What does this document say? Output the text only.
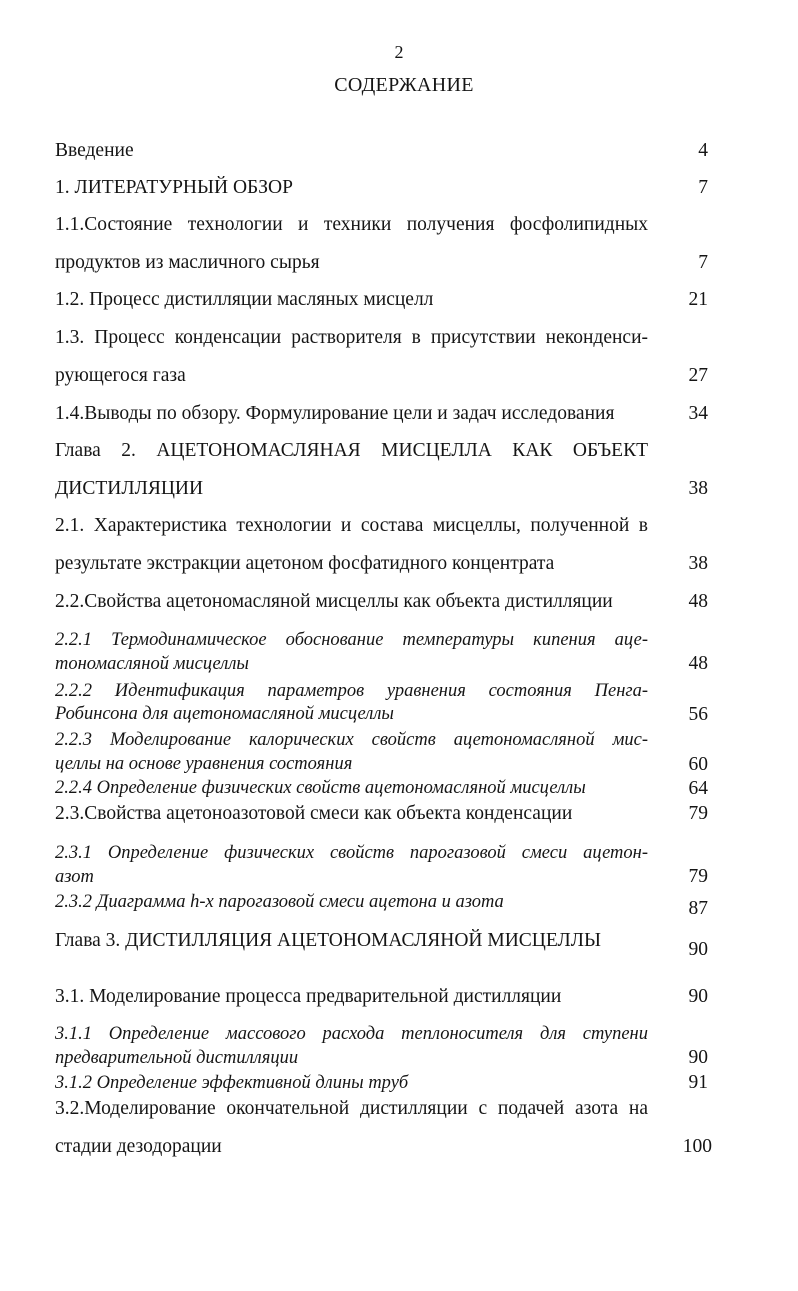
2
СОДЕРЖАНИЕ
Введение	4
1. ЛИТЕРАТУРНЫЙ ОБЗОР	7
1.1.Состояние технологии и техники получения фосфолипидных
продуктов из масличного сырья	7
1.2. Процесс дистилляции масляных мисцелл	21
1.3. Процесс конденсации растворителя в присутствии неконденси-
рующегося газа	27
1.4.Выводы по обзору. Формулирование цели и задач исследования	34
Глава 2. АЦЕТОНОМАСЛЯНАЯ МИСЦЕЛЛА КАК ОБЪЕКТ
ДИСТИЛЛЯЦИИ	38
2.1. Характеристика технологии и состава мисцеллы, полученной в
результате экстракции ацетоном фосфатидного концентрата	38
2.2.Свойства ацетономасляной мисцеллы как объекта дистилляции	48
2.2.1 Термодинамическое обоснование температуры кипения аце-
тономасляной мисцеллы	48
2.2.2 Идентификация параметров уравнения состояния Пенга-
Робинсона для ацетономасляной мисцеллы	56
2.2.3 Моделирование калорических свойств ацетономасляной мис-
целлы на основе уравнения состояния	60
2.2.4 Определение физических свойств ацетономасляной мисцеллы	64
2.3.Свойства ацетоноазотовой смеси как объекта конденсации	79
2.3.1 Определение физических свойств парогазовой смеси ацетон-
азот	79
2.3.2 Диаграмма h-x парогазовой смеси ацетона и азота	87
Глава 3. ДИСТИЛЛЯЦИЯ АЦЕТОНОМАСЛЯНОЙ МИСЦЕЛЛЫ	90
3.1. Моделирование процесса предварительной дистилляции	90
3.1.1 Определение массового расхода теплоносителя для ступени
предварительной дистилляции	90
3.1.2 Определение эффективной длины труб	91
3.2.Моделирование окончательной дистилляции с подачей азота на
стадии дезодорации	100
